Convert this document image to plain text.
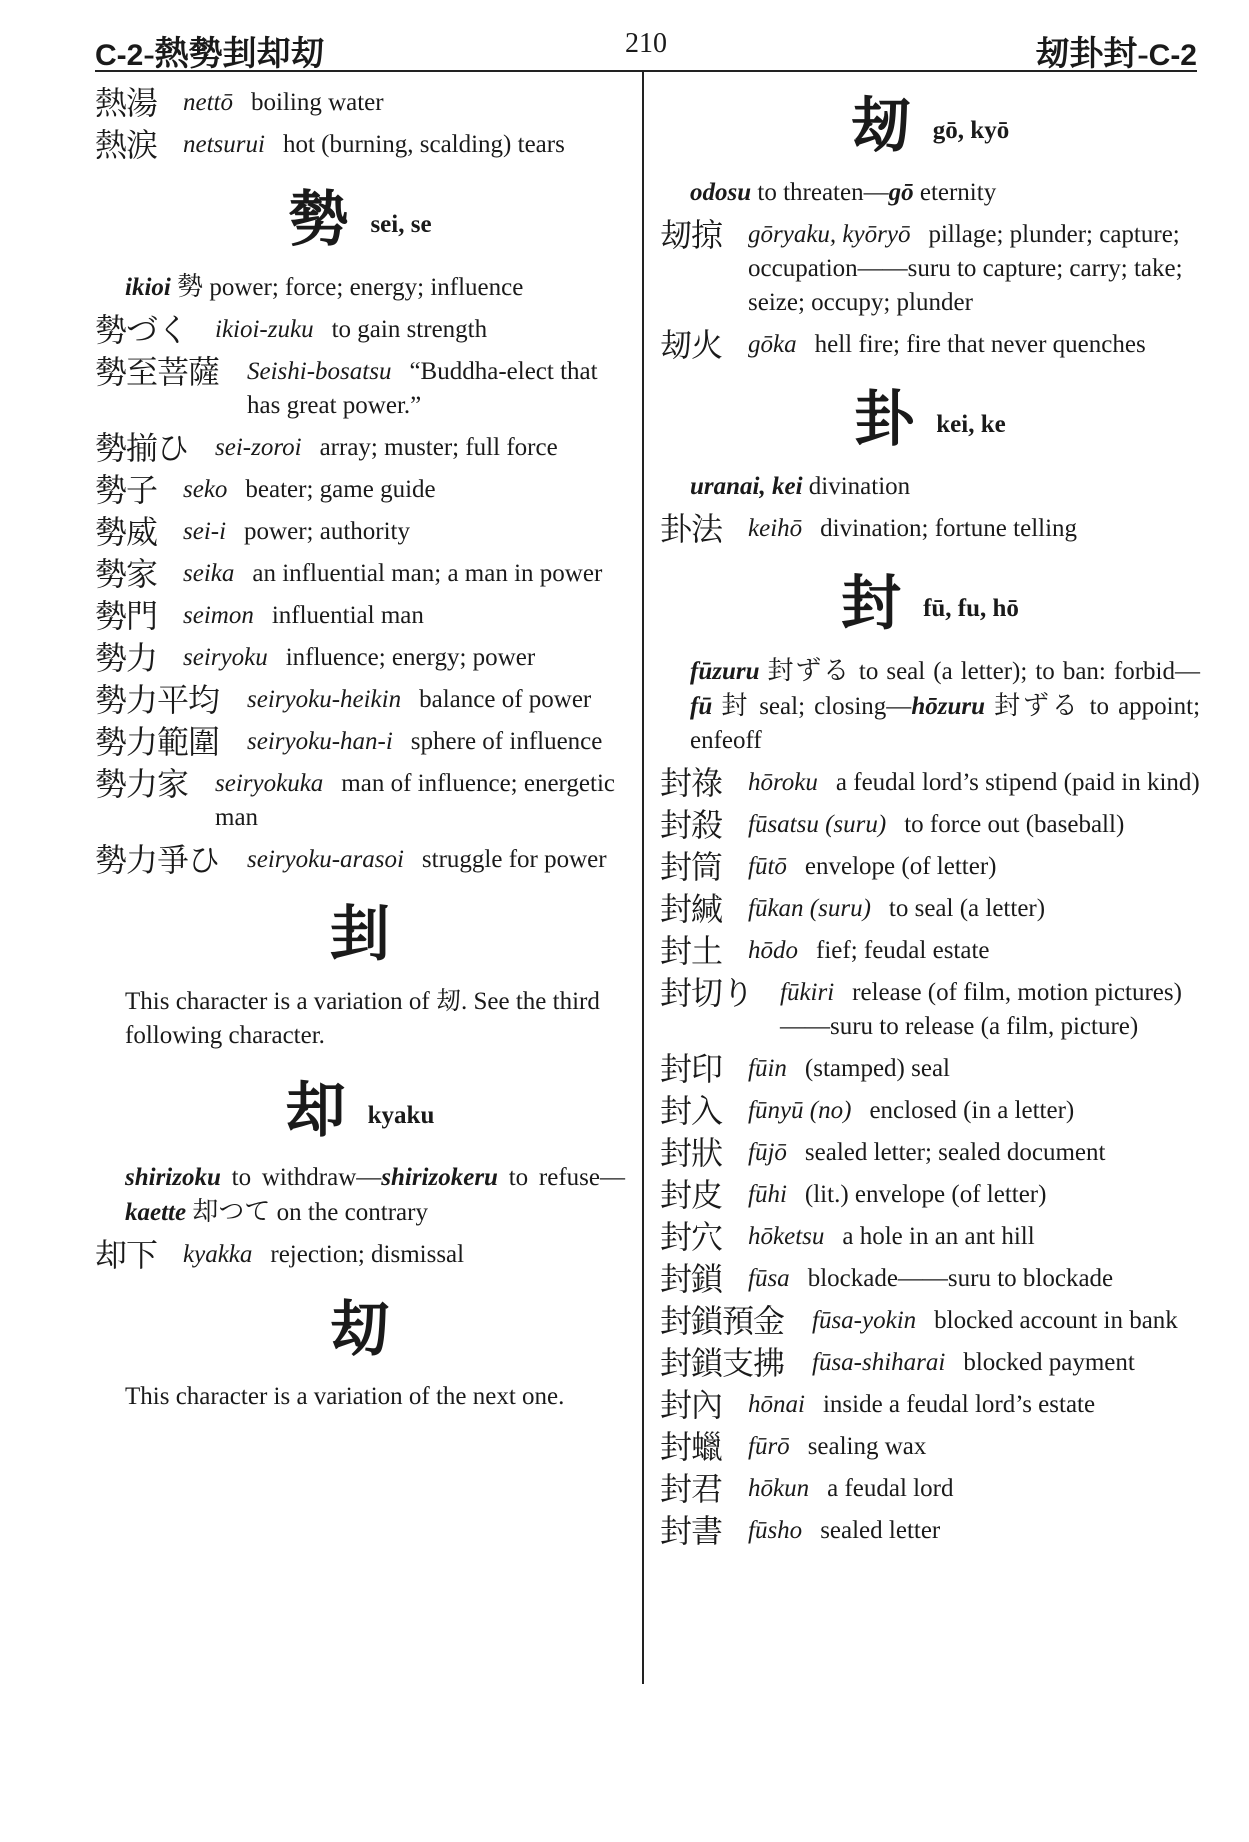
C-2-熱勢刲却刧	210	刼卦封-C-2
熱湯	nettō boiling water
熱涙	netsurui hot (burning, scalding) tears
勢sei, se
ikioi 勢 power; force; energy; influence
勢づく	ikioi-zuku to gain strength
勢至菩薩	Seishi-bosatsu “Buddha-elect that has great power.”
勢揃ひ	sei-zoroi array; muster; full force
勢子	seko beater; game guide
勢威	sei-i power; authority
勢家	seika an influential man; a man in power
勢門	seimon influential man
勢力	seiryoku influence; energy; power
勢力平均	seiryoku-heikin balance of power
勢力範圍	seiryoku-han-i sphere of influence
勢力家	seiryokuka man of influence; energetic man
勢力爭ひ	seiryoku-arasoi struggle for power
刲
This character is a variation of 刼. See the third following character.
却kyaku
shirizoku to withdraw—shirizokeru to refuse—kaette 却つて on the contrary
却下	kyakka rejection; dismissal
刧
This character is a variation of the next one.
刼gō, kyō
odosu to threaten—gō eternity
刼掠	gōryaku, kyōryō pillage; plunder; capture; occupation——suru to capture; carry; take; seize; occupy; plunder
刼火	gōka hell fire; fire that never quenches
卦kei, ke
uranai, kei divination
卦法	keihō divination; fortune telling
封fū, fu, hō
fūzuru 封ずる to seal (a letter); to ban: forbid—fū 封 seal; closing—hōzuru 封ずる to appoint; enfeoff
封祿	hōroku a feudal lord’s stipend (paid in kind)
封殺	fūsatsu (suru) to force out (baseball)
封筒	fūtō envelope (of letter)
封緘	fūkan (suru) to seal (a letter)
封土	hōdo fief; feudal estate
封切り	fūkiri release (of film, motion pictures)——suru to release (a film, picture)
封印	fūin (stamped) seal
封入	fūnyū (no) enclosed (in a letter)
封狀	fūjō sealed letter; sealed document
封皮	fūhi (lit.) envelope (of letter)
封穴	hōketsu a hole in an ant hill
封鎖	fūsa blockade——suru to blockade
封鎖預金	fūsa-yokin blocked account in bank
封鎖支拂	fūsa-shiharai blocked payment
封內	hōnai inside a feudal lord’s estate
封蠟	fūrō sealing wax
封君	hōkun a feudal lord
封書	fūsho sealed letter
